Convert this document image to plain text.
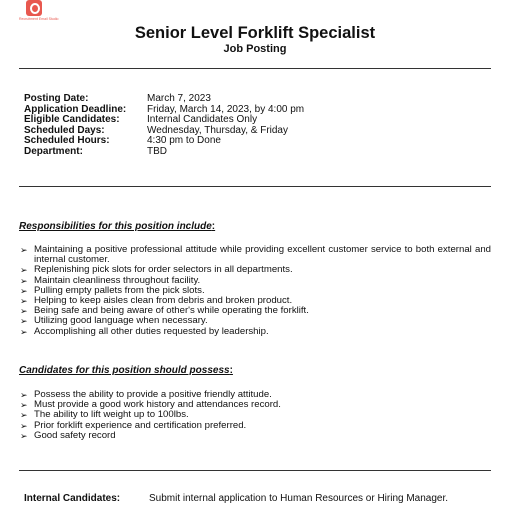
Recruitment Email Studio
Senior Level Forklift Specialist
Job Posting
Posting Date:	March 7, 2023
Application Deadline:	Friday, March 14, 2023, by 4:00 pm
Eligible Candidates:	Internal Candidates Only
Scheduled Days:	Wednesday, Thursday, & Friday
Scheduled Hours:	4:30 pm to Done
Department:	TBD
Responsibilities for this position include:
➢ Maintaining a positive professional attitude while providing excellent customer service to both external and internal customer.
➢ Replenishing pick slots for order selectors in all departments.
➢ Maintain cleanliness throughout facility.
➢ Pulling empty pallets from the pick slots.
➢ Helping to keep aisles clean from debris and broken product.
➢ Being safe and being aware of other's while operating the forklift.
➢ Utilizing good language when necessary.
➢ Accomplishing all other duties requested by leadership.
Candidates for this position should possess:
➢ Possess the ability to provide a positive friendly attitude.
➢ Must provide a good work history and attendances record.
➢ The ability to lift weight up to 100lbs.
➢ Prior forklift experience and certification preferred.
➢ Good safety record
Internal Candidates:	Submit internal application to Human Resources or Hiring Manager.
